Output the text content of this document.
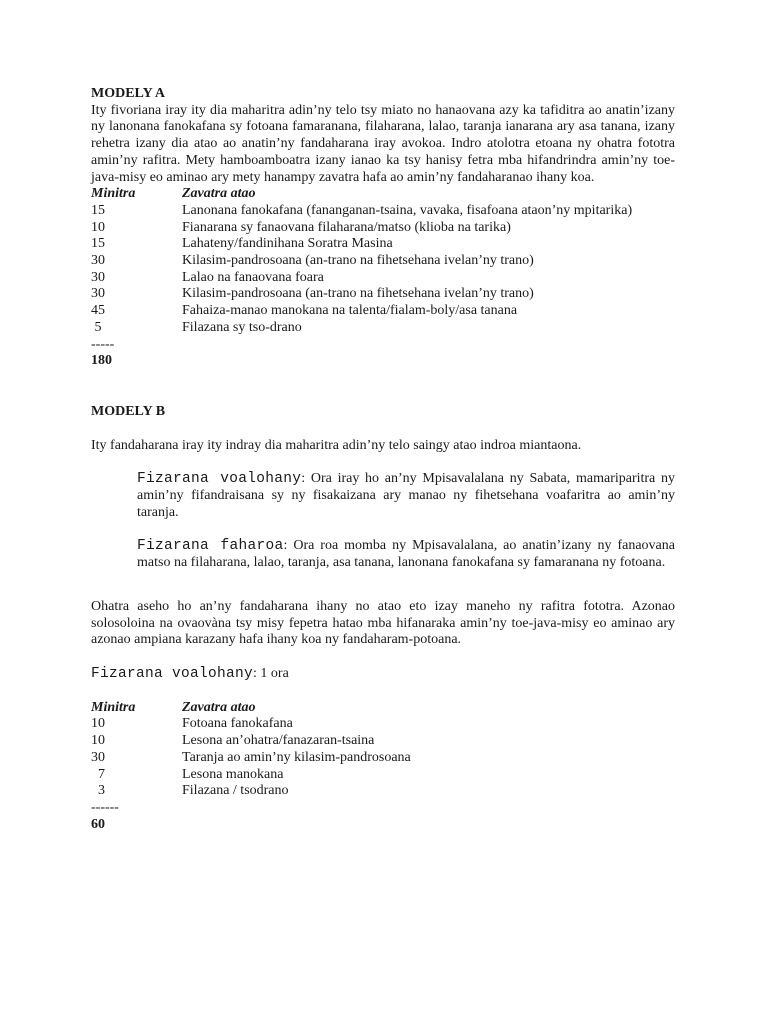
MODELY A

Ity fivoriana iray ity dia maharitra adin’ny telo tsy miato no hanaovana azy ka tafiditra ao anatin’izany ny lanonana fanokafana sy fotoana famaranana, filaharana, lalao, taranja ianarana ary asa tanana, izany rehetra izany dia atao ao anatin’ny fandaharana iray avokoa. Indro atolotra etoana ny ohatra fototra amin’ny rafitra. Mety hamboamboatra izany ianao ka tsy hanisy fetra mba hifandrindra amin’ny toe-java-misy eo aminao ary mety hanampy zavatra hafa ao amin’ny fandaharanao ihany koa.

Minitra	Zavatra atao
15	Lanonana fanokafana (fananganan-tsaina, vavaka, fisafoana ataon’ny mpitarika)
10	Fianarana sy fanaovana filaharana/matso (klioba na tarika)
15	Lahateny/fandinihana Soratra Masina
30	Kilasim-pandrosoana (an-trano na fihetsehana ivelan’ny trano)
30	Lalao na fanaovana foara
30	Kilasim-pandrosoana (an-trano na fihetsehana ivelan’ny trano)
45	Fahaiza-manao manokana na talenta/fialam-boly/asa tanana
5	Filazana sy tso-drano
-----
180

MODELY B

Ity fandaharana iray ity indray dia maharitra adin’ny telo saingy atao indroa miantaona.

Fizarana voalohany: Ora iray ho an’ny Mpisavalalana ny Sabata, mamariparitra ny amin’ny fifandraisana sy ny fisakaizana ary manao ny fihetsehana voafaritra ao amin’ny taranja.

Fizarana faharoa: Ora roa momba ny Mpisavalalana, ao anatin’izany ny fanaovana matso na filaharana, lalao, taranja, asa tanana, lanonana fanokafana sy famaranana ny fotoana.

Ohatra aseho ho an’ny fandaharana ihany no atao eto izay maneho ny rafitra fototra. Azonao solosoloina na ovaovàna tsy misy fepetra hatao mba hifanaraka amin’ny toe-java-misy eo aminao ary azonao ampiana karazany hafa ihany koa ny fandaharam-potoana.

Fizarana voalohany: 1 ora

Minitra	Zavatra atao
10	Fotoana fanokafana
10	Lesona an’ohatra/fanazaran-tsaina
30	Taranja ao amin’ny kilasim-pandrosoana
7	Lesona manokana
3	Filazana / tsodrano
------
60
